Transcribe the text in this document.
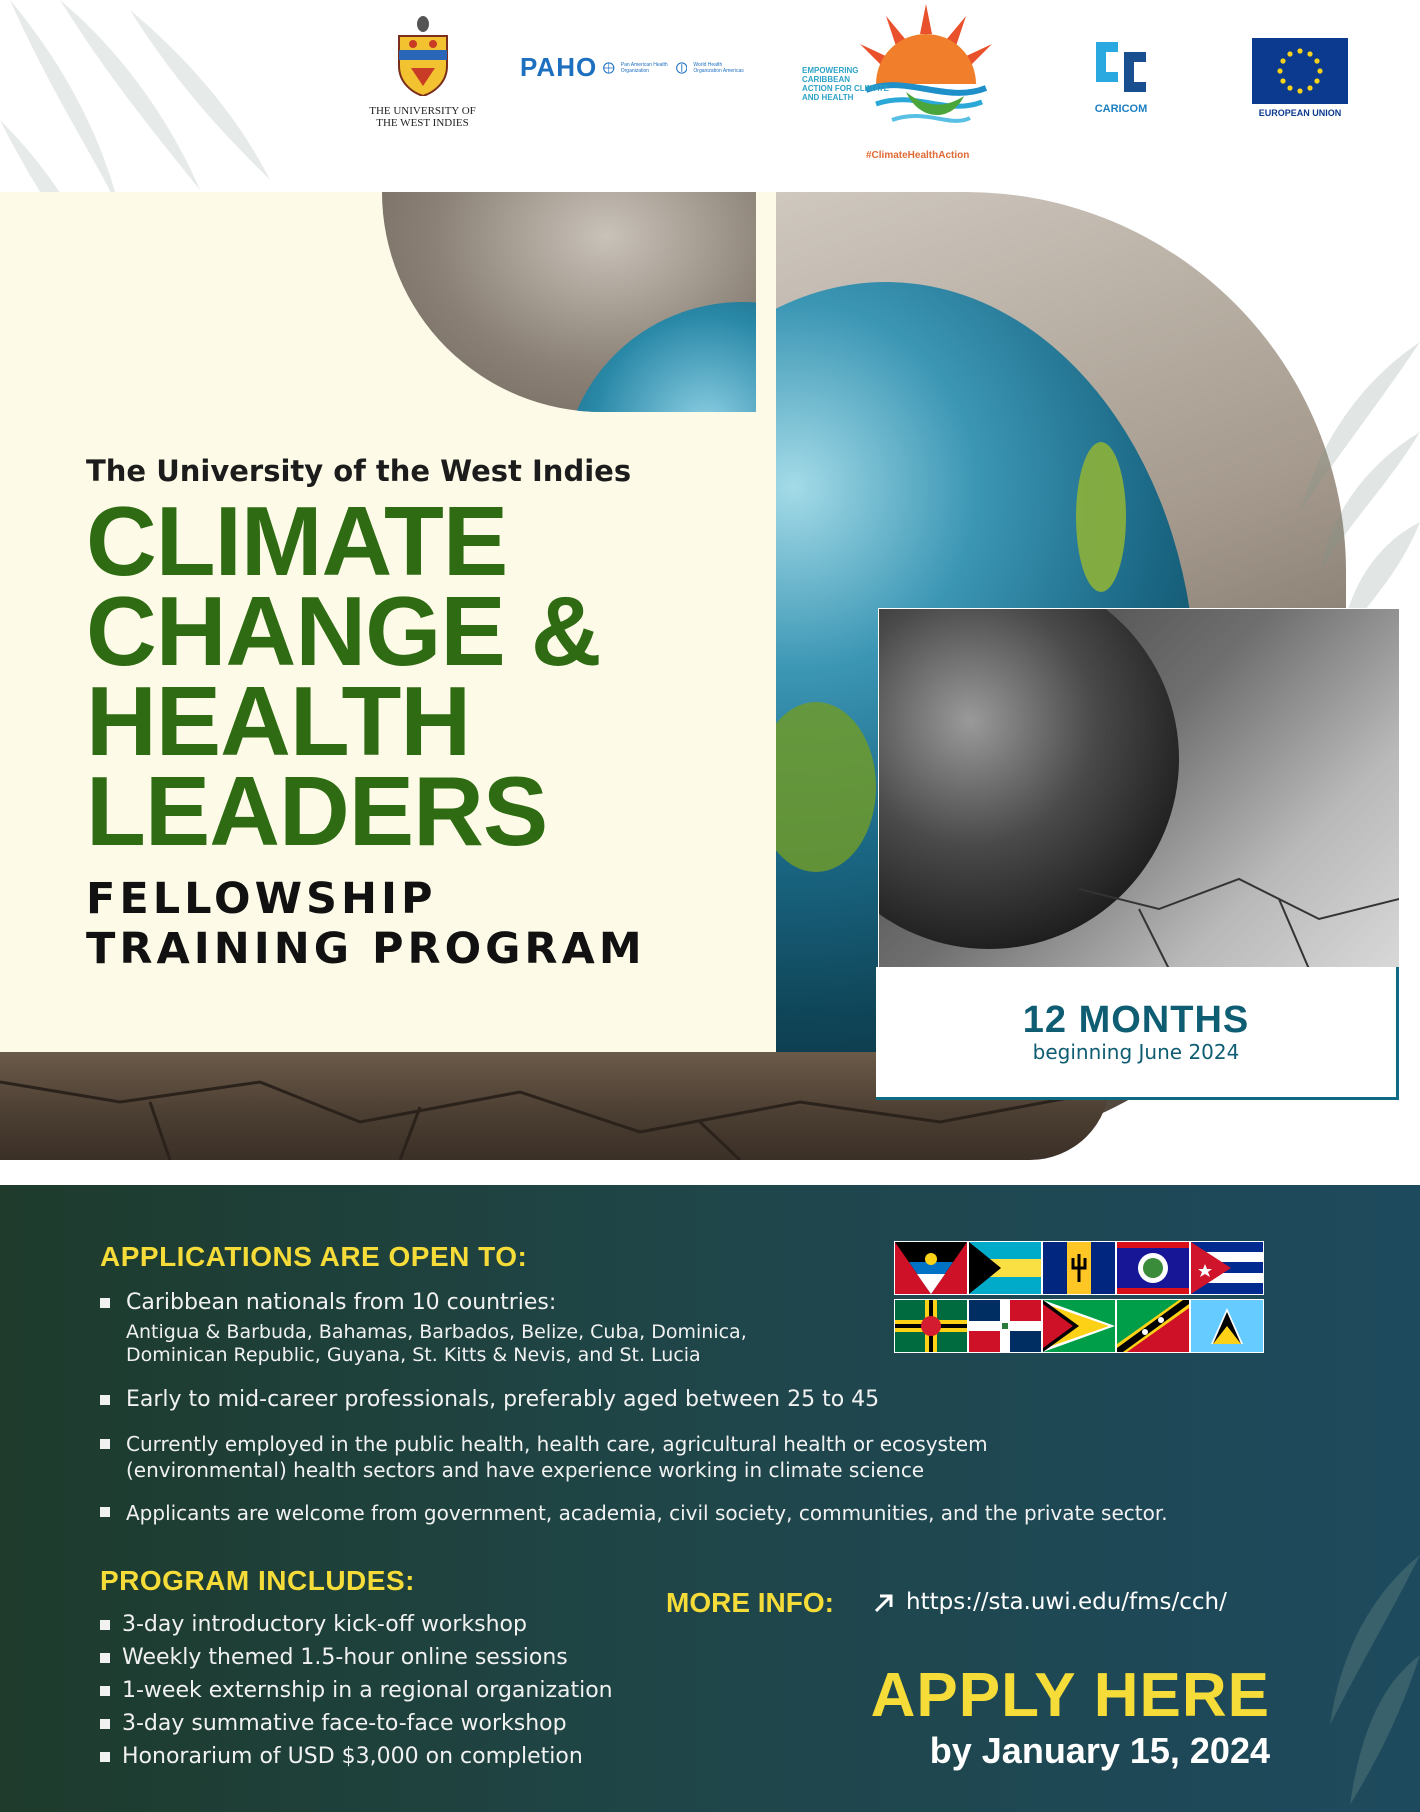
THE UNIVERSITY OF THE WEST INDIES
PAHO	Pan American Health Organization
World Health Organization Americas	EMPOWERING CARIBBEAN
ACTION FOR CLIMATE AND HEALTH
#ClimateHealthAction
CARICOM	EUROPEAN UNION
12 MONTHS
beginning June 2024
The University of the West Indies
CLIMATE
CHANGE &
HEALTH
LEADERS
FELLOWSHIP
TRAINING PROGRAM
APPLICATIONS ARE OPEN TO:
Caribbean nationals from 10 countries:
Antigua & Barbuda, Bahamas, Barbados, Belize, Cuba, Dominica,
Dominican Republic, Guyana, St. Kitts & Nevis, and St. Lucia
Early to mid-career professionals, preferably aged between 25 to 45
Currently employed in the public health, health care, agricultural health or ecosystem
(environmental) health sectors and have experience working in climate science
Applicants are welcome from government, academia, civil society, communities, and the private sector.
PROGRAM INCLUDES:
3-day introductory kick-off workshop
Weekly themed 1.5-hour online sessions
1-week externship in a regional organization
3-day summative face-to-face workshop
Honorarium of USD $3,000 on completion
MORE INFO:	https://sta.uwi.edu/fms/cch/
APPLY HERE
by January 15, 2024
